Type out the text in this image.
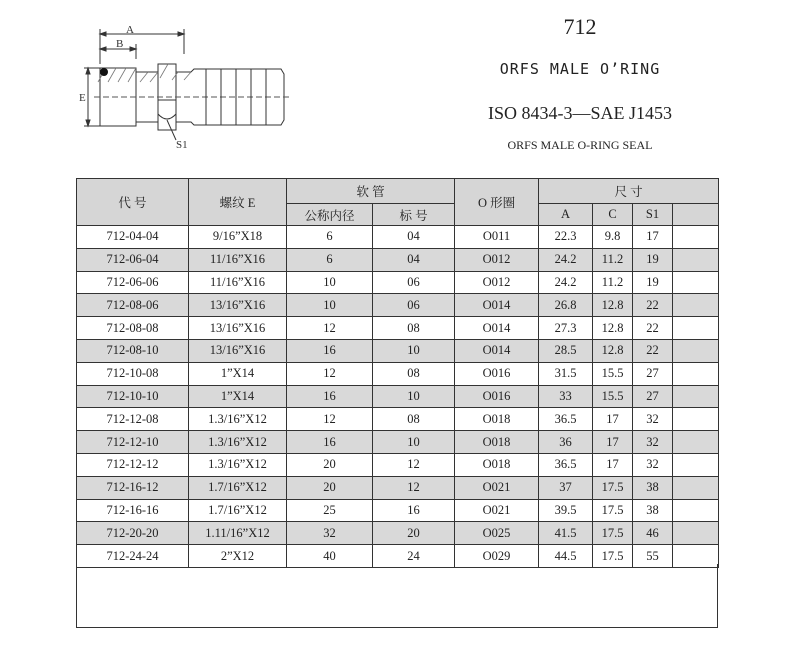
712
ORFS MALE O’RING
ISO 8434-3—SAE J1453
ORFS MALE O-RING SEAL
A
B
E
S1
代 号	螺纹 E	软 管		O 形圈	尺 寸			
		公称内径	标 号		A	C	S1	
712-04-04	9/16”X18	6	04	O011	22.3	9.8	17	
712-06-04	11/16”X16	6	04	O012	24.2	11.2	19	
712-06-06	11/16”X16	10	06	O012	24.2	11.2	19	
712-08-06	13/16”X16	10	06	O014	26.8	12.8	22	
712-08-08	13/16”X16	12	08	O014	27.3	12.8	22	
712-08-10	13/16”X16	16	10	O014	28.5	12.8	22	
712-10-08	1”X14	12	08	O016	31.5	15.5	27	
712-10-10	1”X14	16	10	O016	33	15.5	27	
712-12-08	1.3/16”X12	12	08	O018	36.5	17	32	
712-12-10	1.3/16”X12	16	10	O018	36	17	32	
712-12-12	1.3/16”X12	20	12	O018	36.5	17	32	
712-16-12	1.7/16”X12	20	12	O021	37	17.5	38	
712-16-16	1.7/16”X12	25	16	O021	39.5	17.5	38	
712-20-20	1.11/16”X12	32	20	O025	41.5	17.5	46	
712-24-24	2”X12	40	24	O029	44.5	17.5	55	
